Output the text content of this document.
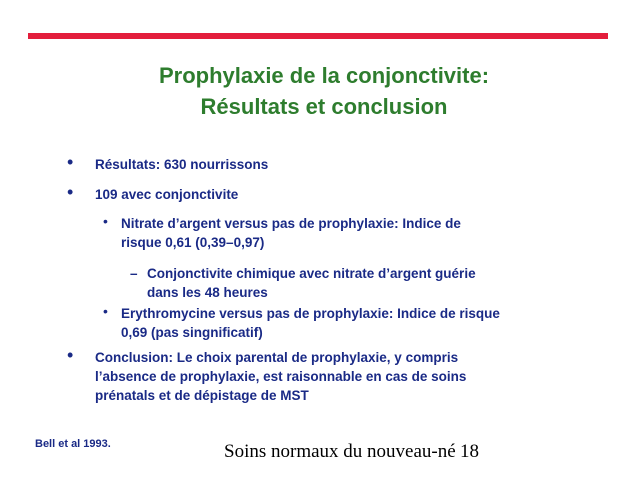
Prophylaxie de la conjonctivite:
Résultats et conclusion
• Résultats: 630 nourrissons
• 109 avec conjonctivite
• Nitrate d’argent versus pas de prophylaxie: Indice de
risque 0,61 (0,39–0,97)
– Conjonctivite chimique avec nitrate d’argent guérie
dans les 48 heures
• Erythromycine versus pas de prophylaxie: Indice de risque
0,69 (pas singnificatif)
• Conclusion: Le choix parental de prophylaxie, y compris
l’absence de prophylaxie, est raisonnable en cas de soins
prénatals et de dépistage de MST
Bell et al 1993.	Soins normaux du nouveau-né 18
